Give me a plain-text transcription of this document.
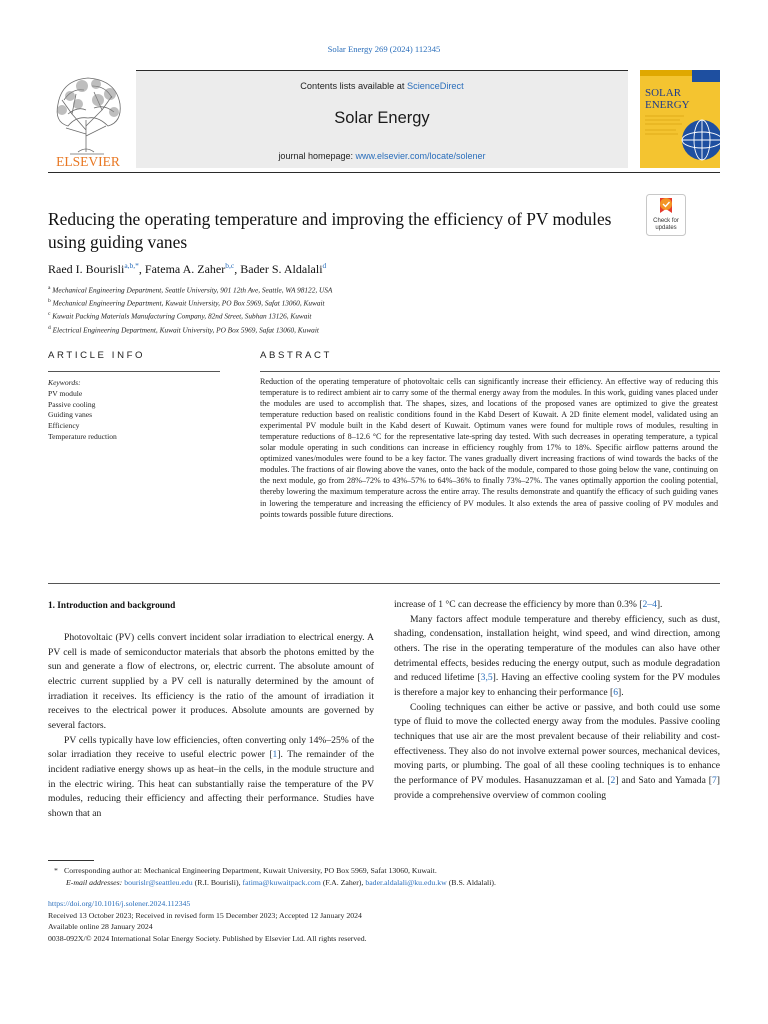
Solar Energy 269 (2024) 112345
ELSEVIER
Contents lists available at ScienceDirect
Solar Energy
journal homepage: www.elsevier.com/locate/solener
SOLAR
ENERGY
Reducing the operating temperature and improving the efficiency of PV modules using guiding vanes
Check for
updates
Raed I. Bourisli$^{a,b,*}$, Fatema A. Zaher$^{b,c}$, Bader S. Aldalali$^d$
$^a$ Mechanical Engineering Department, Seattle University, 901 12th Ave, Seattle, WA 98122, USA
$^b$ Mechanical Engineering Department, Kuwait University, PO Box 5969, Safat 13060, Kuwait
$^c$ Kuwait Packing Materials Manufacturing Company, 82nd Street, Subhan 13126, Kuwait
$^d$ Electrical Engineering Department, Kuwait University, PO Box 5969, Safat 13060, Kuwait
ARTICLE INFO	ABSTRACT
Keywords:
PV module
Passive cooling
Guiding vanes
Efficiency
Temperature reduction
Reduction of the operating temperature of photovoltaic cells can significantly increase their efficiency. An effective way of reducing this temperature is to redirect ambient air to carry some of the thermal energy away from the modules. In this work, guiding vanes placed under the modules are used to accomplish that. The shapes, sizes, and locations of the proposed vanes are optimized to give the greatest temperature reduction based on realistic conditions found in the Kabd Desert of Kuwait. A 2D finite element model, validated using an experimental PV module built in the Kabd desert of Kuwait. Optimum vanes were found for multiple rows of modules, resulting in temperature reductions of 8–12.6 °C for the representative late-spring day tested. With such decreases in operating temperature, a typical solar module operating in such conditions can increase in efficiency roughly from 17% to 18%. Specific airflow patterns around the optimized vanes/modules were found to be a key factor. The vanes gradually divert increasing fractions of wind towards the backs of the modules. The fractions of air flowing above the vanes, onto the back of the module, compared to those going below the vane, continuing on the next module, go from 28%–72% to 43%–57% to 64%–36% to finally 73%–27%. The vanes optimally apportion the cooling potential, thereby lowering the maximum temperature across the entire array. The results demonstrate and quantify the efficacy of such guiding vanes in lowering the temperature and increasing the efficiency of PV modules. It also extends the area of passive cooling of PV modules and points towards possible future directions.
1. Introduction and background

Photovoltaic (PV) cells convert incident solar irradiation to electrical energy. A PV cell is made of semiconductor materials that absorb the photons emitted by the sun and generate a flow of electrons, or, electric current. The absolute amount of electric current supplied by a PV cell is naturally determined by the amount of irradiation it receives. Its efficiency is the ratio of the amount of irradiation it receives to the electrical power it produces. Absolute amounts are governed by several factors.

PV cells typically have low efficiencies, often converting only 14%–25% of the solar irradiation they receive to useful electric power [1]. The remainder of the incident radiative energy shows up as heat–in the cells, in the module structure and in the electric wiring. This heat can substantially raise the temperature of the PV modules, reducing their efficiency and affecting their performance. Studies have shown that an

increase of 1 °C can decrease the efficiency by more than 0.3% [2–4].

Many factors affect module temperature and thereby efficiency, such as dust, shading, condensation, installation height, wind speed, and wind direction, among others. The rise in the operating temperature of the modules can also have other detrimental effects, besides reducing the energy output, such as module degradation and reduced lifetime [3,5]. Having an effective cooling system for the PV modules is therefore a major key to enhancing their performance [6].

Cooling techniques can either be active or passive, and both could use some type of fluid to move the collected energy away from the modules. Passive cooling techniques that use air are the most prevalent because of their reliability and cost-effectiveness. They also do not involve external power sources, mechanical devices, moving parts, or plumbing. The goal of all these cooling techniques is to enhance the performance of PV modules. Hasanuzzaman et al. [2] and Sato and Yamada [7] provide a comprehensive overview of common cooling

* Corresponding author at: Mechanical Engineering Department, Kuwait University, PO Box 5969, Safat 13060, Kuwait.
E-mail addresses: bourislr@seattleu.edu (R.I. Bourisli), fatima@kuwaitpack.com (F.A. Zaher), bader.aldalali@ku.edu.kw (B.S. Aldalali).
https://doi.org/10.1016/j.solener.2024.112345
Received 13 October 2023; Received in revised form 15 December 2023; Accepted 12 January 2024
Available online 28 January 2024
0038-092X/© 2024 International Solar Energy Society. Published by Elsevier Ltd. All rights reserved.
